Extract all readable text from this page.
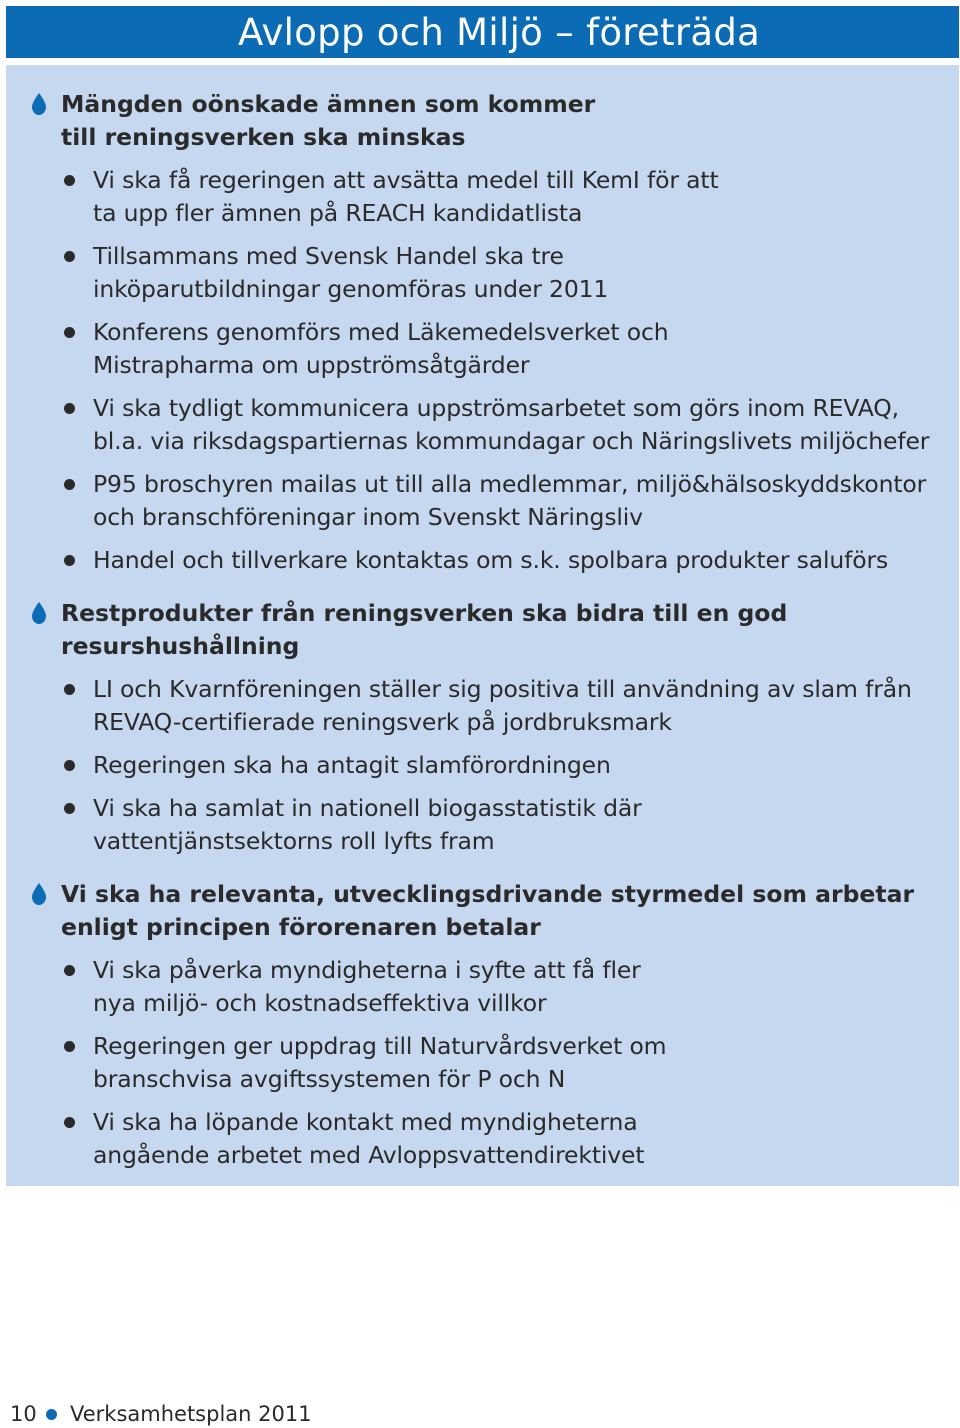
Avlopp och Miljö – företräda
Mängden oönskade ämnen som kommer
till reningsverken ska minskas
Vi ska få regeringen att avsätta medel till KemI för att
ta upp fler ämnen på REACH kandidatlista
Tillsammans med Svensk Handel ska tre
inköparutbildningar genomföras under 2011
Konferens genomförs med Läkemedelsverket och
Mistrapharma om uppströmsåtgärder
Vi ska tydligt kommunicera uppströmsarbetet som görs inom REVAQ,
bl.a. via riksdagspartiernas kommundagar och Näringslivets miljöchefer
P95 broschyren mailas ut till alla medlemmar, miljö&hälsoskyddskontor
och branschföreningar inom Svenskt Näringsliv
Handel och tillverkare kontaktas om s.k. spolbara produkter saluförs
Restprodukter från reningsverken ska bidra till en god
resurshushållning
LI och Kvarnföreningen ställer sig positiva till användning av slam från
REVAQ-certifierade reningsverk på jordbruksmark
Regeringen ska ha antagit slamförordningen
Vi ska ha samlat in nationell biogasstatistik där
vattentjänstsektorns roll lyfts fram
Vi ska ha relevanta, utvecklingsdrivande styrmedel som arbetar
enligt principen förorenaren betalar
Vi ska påverka myndigheterna i syfte att få fler
nya miljö- och kostnadseffektiva villkor
Regeringen ger uppdrag till Naturvårdsverket om
branschvisa avgiftssystemen för P och N
Vi ska ha löpande kontakt med myndigheterna
angående arbetet med Avloppsvattendirektivet
10 Verksamhetsplan 2011
